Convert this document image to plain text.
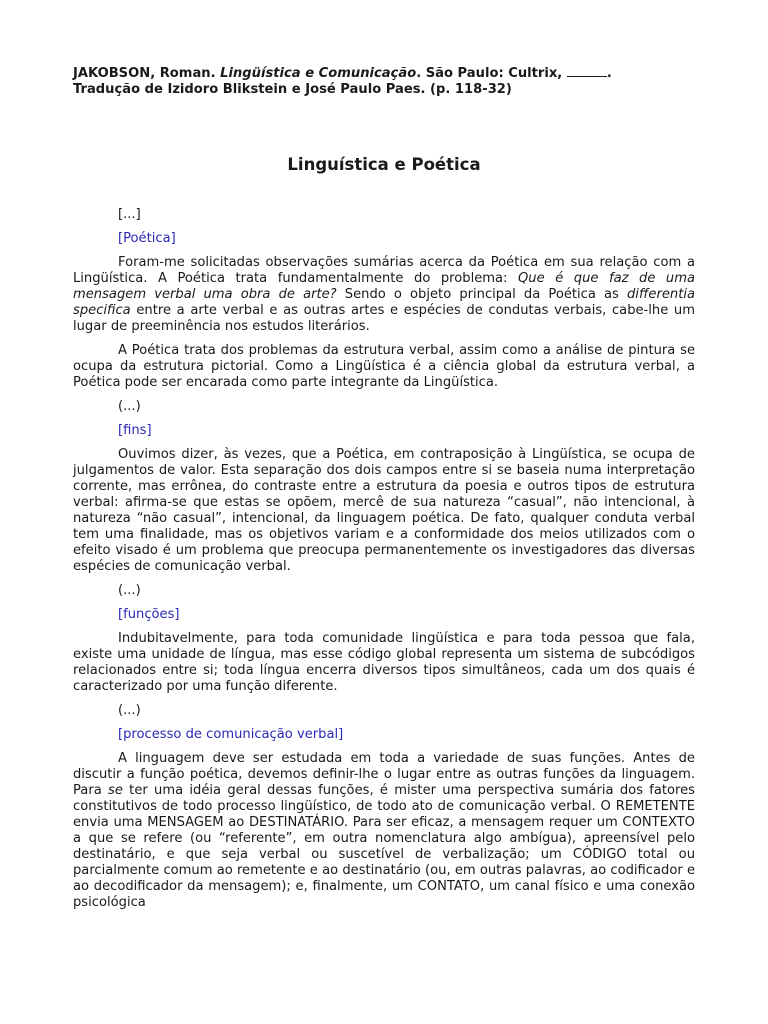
JAKOBSON, Roman. Lingüística e Comunicação. São Paulo: Cultrix,	.
Tradução de Izidoro Blikstein e José Paulo Paes. (p. 118-32)

Linguística e Poética

[...]

[Poética]

Foram-me solicitadas observações sumárias acerca da Poética em sua relação com a Lingüística. A Poética trata fundamentalmente do problema: Que é que faz de uma mensagem verbal uma obra de arte? Sendo o objeto principal da Poética as differentia specifica entre a arte verbal e as outras artes e espécies de condutas verbais, cabe-lhe um lugar de preeminência nos estudos literários.

A Poética trata dos problemas da estrutura verbal, assim como a análise de pintura se ocupa da estrutura pictorial. Como a Lingüística é a ciência global da estrutura verbal, a Poética pode ser encarada como parte integrante da Lingüística.

(...)

[fins]

Ouvimos dizer, às vezes, que a Poética, em contraposição à Lingüística, se ocupa de julgamentos de valor. Esta separação dos dois campos entre si se baseia numa interpretação corrente, mas errônea, do contraste entre a estrutura da poesia e outros tipos de estrutura verbal: afirma-se que estas se opõem, mercê de sua natureza “casual”, não intencional, à natureza “não casual”, intencional, da linguagem poética. De fato, qualquer conduta verbal tem uma finalidade, mas os objetivos variam e a conformidade dos meios utilizados com o efeito visado é um problema que preocupa permanentemente os investigadores das diversas espécies de comunicação verbal.

(...)

[funções]

Indubitavelmente, para toda comunidade lingüística e para toda pessoa que fala, existe uma unidade de língua, mas esse código global representa um sistema de subcódigos relacionados entre si; toda língua encerra diversos tipos simultâneos, cada um dos quais é caracterizado por uma função diferente.

(...)

[processo de comunicação verbal]

A linguagem deve ser estudada em toda a variedade de suas funções. Antes de discutir a função poética, devemos definir-lhe o lugar entre as outras funções da linguagem. Para se ter uma idéia geral dessas funções, é mister uma perspectiva sumária dos fatores constitutivos de todo processo lingüístico, de todo ato de comunicação verbal. O REMETENTE envia uma MENSAGEM ao DESTINATÁRIO. Para ser eficaz, a mensagem requer um CONTEXTO a que se refere (ou “referente”, em outra nomenclatura algo ambígua), apreensível pelo destinatário, e que seja verbal ou suscetível de verbalização; um CÓDIGO total ou parcialmente comum ao remetente e ao destinatário (ou, em outras palavras, ao codificador e ao decodificador da mensagem); e, finalmente, um CONTATO, um canal físico e uma conexão psicológica
